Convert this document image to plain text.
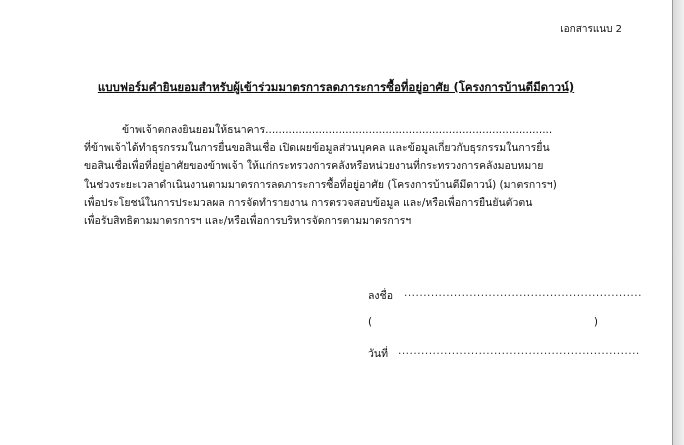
เอกสารแนบ 2
แบบฟอร์มคำยินยอมสำหรับผู้เข้าร่วมมาตรการลดภาระการซื้อที่อยู่อาศัย (โครงการบ้านดีมีดาวน์)
ข้าพเจ้าตกลงยินยอมให้ธนาคาร......................................................................................
ที่ข้าพเจ้าได้ทำธุรกรรมในการยื่นขอสินเชื่อ เปิดเผยข้อมูลส่วนบุคคล และข้อมูลเกี่ยวกับธุรกรรมในการยื่น
ขอสินเชื่อเพื่อที่อยู่อาศัยของข้าพเจ้า ให้แก่กระทรวงการคลังหรือหน่วยงานที่กระทรวงการคลังมอบหมาย
ในช่วงระยะเวลาดำเนินงานตามมาตรการลดภาระการซื้อที่อยู่อาศัย (โครงการบ้านดีมีดาวน์) (มาตรการฯ)
เพื่อประโยชน์ในการประมวลผล การจัดทำรายงาน การตรวจสอบข้อมูล และ/หรือเพื่อการยืนยันตัวตน
เพื่อรับสิทธิตามมาตรการฯ และ/หรือเพื่อการบริหารจัดการตามมาตรการฯ
ลงชื่อ ..............................................................
(	)
วันที่ ...............................................................
